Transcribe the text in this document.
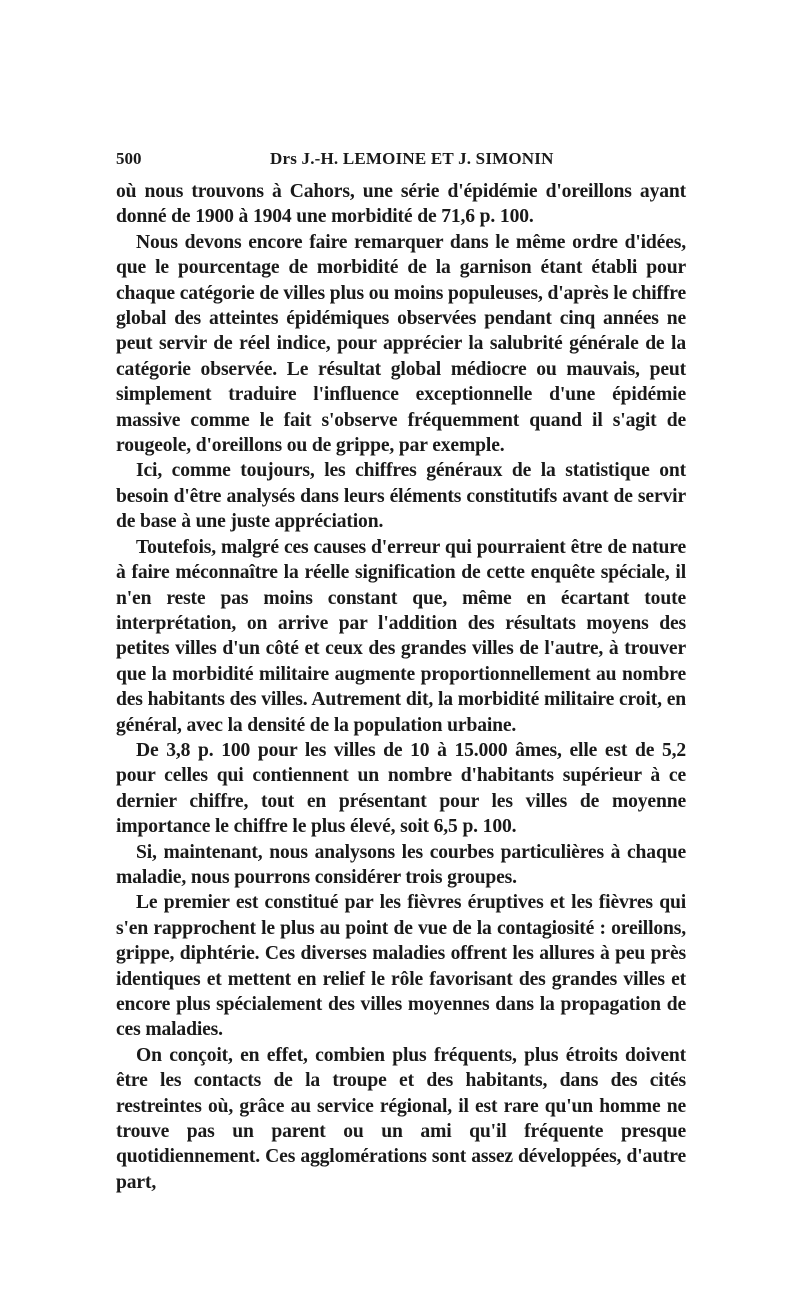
500	Drs J.-H. LEMOINE ET J. SIMONIN

où nous trouvons à Cahors, une série d'épidémie d'oreillons ayant donné de 1900 à 1904 une morbidité de 71,6 p. 100.

Nous devons encore faire remarquer dans le même ordre d'idées, que le pourcentage de morbidité de la garnison étant établi pour chaque catégorie de villes plus ou moins populeuses, d'après le chiffre global des atteintes épidémiques observées pendant cinq années ne peut servir de réel indice, pour apprécier la salubrité générale de la catégorie observée. Le résultat global médiocre ou mauvais, peut simplement traduire l'influence exceptionnelle d'une épidémie massive comme le fait s'observe fréquemment quand il s'agit de rougeole, d'oreillons ou de grippe, par exemple.

Ici, comme toujours, les chiffres généraux de la statistique ont besoin d'être analysés dans leurs éléments constitutifs avant de servir de base à une juste appréciation.

Toutefois, malgré ces causes d'erreur qui pourraient être de nature à faire méconnaître la réelle signification de cette enquête spéciale, il n'en reste pas moins constant que, même en écartant toute interprétation, on arrive par l'addition des résultats moyens des petites villes d'un côté et ceux des grandes villes de l'autre, à trouver que la morbidité militaire augmente proportionnellement au nombre des habitants des villes. Autrement dit, la morbidité militaire croit, en général, avec la densité de la population urbaine.

De 3,8 p. 100 pour les villes de 10 à 15.000 âmes, elle est de 5,2 pour celles qui contiennent un nombre d'habitants supérieur à ce dernier chiffre, tout en présentant pour les villes de moyenne importance le chiffre le plus élevé, soit 6,5 p. 100.

Si, maintenant, nous analysons les courbes particulières à chaque maladie, nous pourrons considérer trois groupes.

Le premier est constitué par les fièvres éruptives et les fièvres qui s'en rapprochent le plus au point de vue de la contagiosité : oreillons, grippe, diphtérie. Ces diverses maladies offrent les allures à peu près identiques et mettent en relief le rôle favorisant des grandes villes et encore plus spécialement des villes moyennes dans la propagation de ces maladies.

On conçoit, en effet, combien plus fréquents, plus étroits doivent être les contacts de la troupe et des habitants, dans des cités restreintes où, grâce au service régional, il est rare qu'un homme ne trouve pas un parent ou un ami qu'il fréquente presque quotidiennement. Ces agglomérations sont assez développées, d'autre part,
